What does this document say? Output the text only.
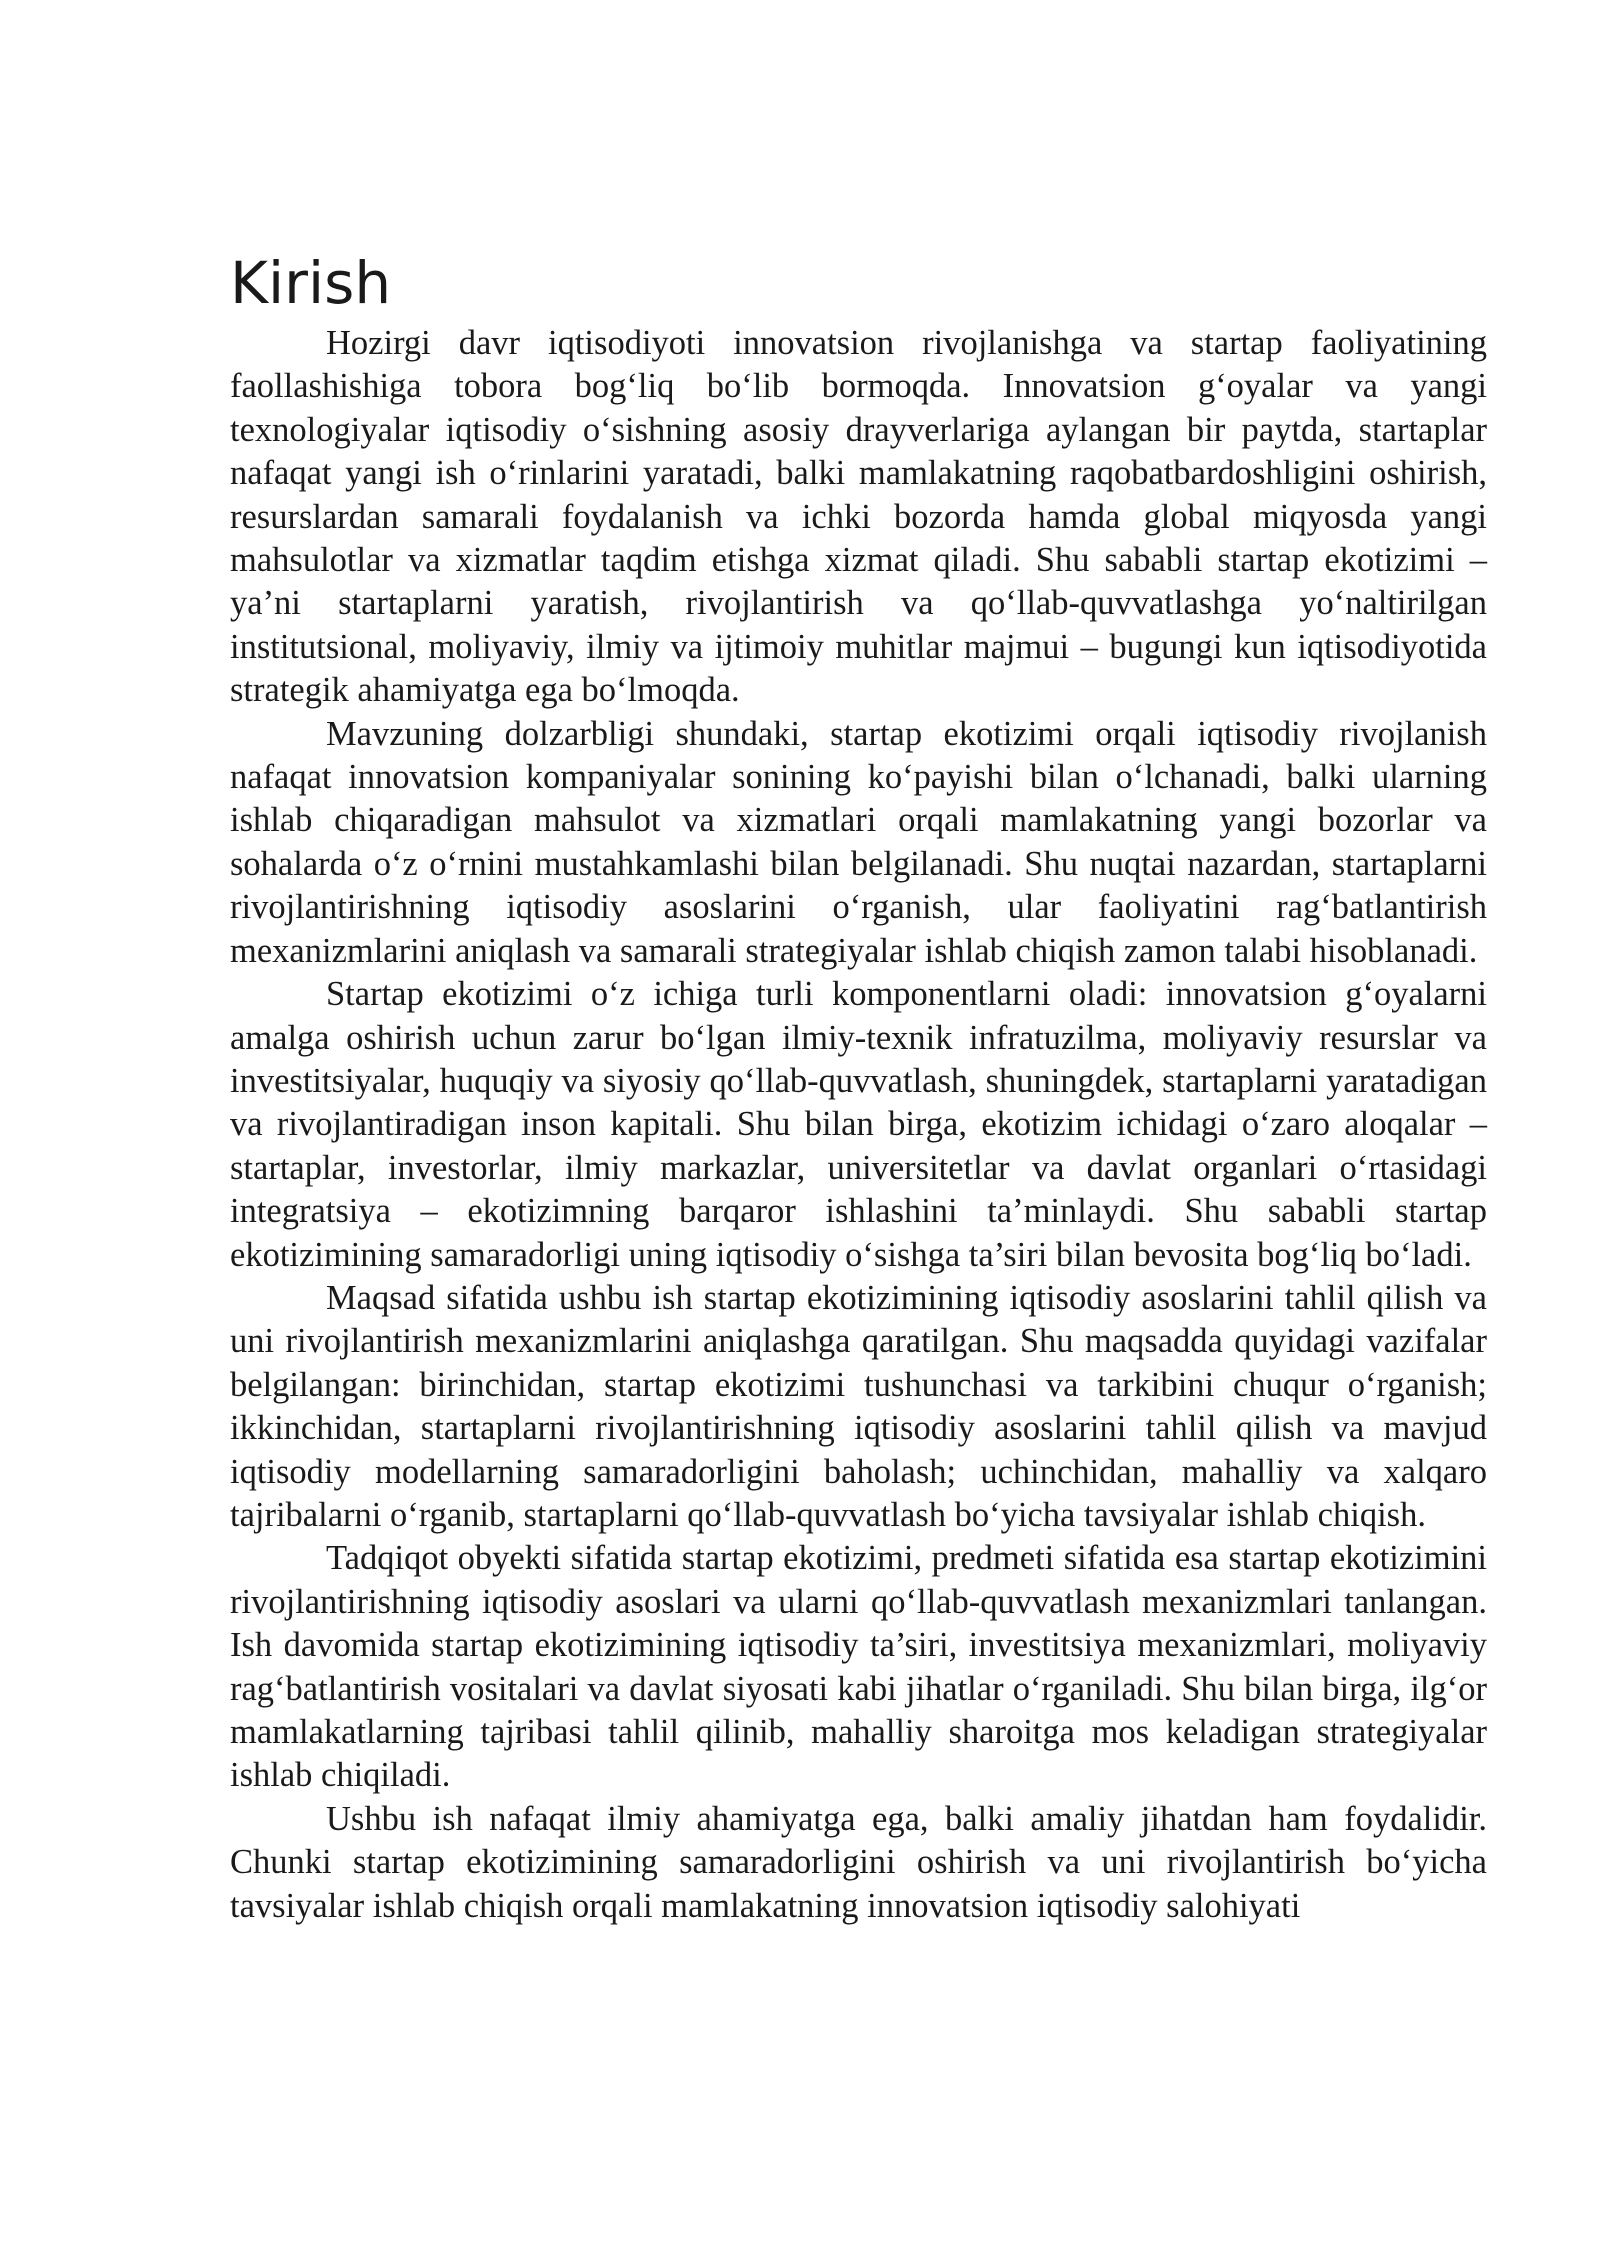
Kirish

Hozirgi davr iqtisodiyoti innovatsion rivojlanishga va startap faoliyatining faollashishiga tobora bog‘liq bo‘lib bormoqda. Innovatsion g‘oyalar va yangi texnologiyalar iqtisodiy o‘sishning asosiy drayverlariga aylangan bir paytda, startaplar nafaqat yangi ish o‘rinlarini yaratadi, balki mamlakatning raqobatbardoshligini oshirish, resurslardan samarali foydalanish va ichki bozorda hamda global miqyosda yangi mahsulotlar va xizmatlar taqdim etishga xizmat qiladi. Shu sababli startap ekotizimi – ya’ni startaplarni yaratish, rivojlantirish va qo‘llab-quvvatlashga yo‘naltirilgan institutsional, moliyaviy, ilmiy va ijtimoiy muhitlar majmui – bugungi kun iqtisodiyotida strategik ahamiyatga ega bo‘lmoqda.

Mavzuning dolzarbligi shundaki, startap ekotizimi orqali iqtisodiy rivojlanish nafaqat innovatsion kompaniyalar sonining ko‘payishi bilan o‘lchanadi, balki ularning ishlab chiqaradigan mahsulot va xizmatlari orqali mamlakatning yangi bozorlar va sohalarda o‘z o‘rnini mustahkamlashi bilan belgilanadi. Shu nuqtai nazardan, startaplarni rivojlantirishning iqtisodiy asoslarini o‘rganish, ular faoliyatini rag‘batlantirish mexanizmlarini aniqlash va samarali strategiyalar ishlab chiqish zamon talabi hisoblanadi.

Startap ekotizimi o‘z ichiga turli komponentlarni oladi: innovatsion g‘oyalarni amalga oshirish uchun zarur bo‘lgan ilmiy-texnik infratuzilma, moliyaviy resurslar va investitsiyalar, huquqiy va siyosiy qo‘llab-quvvatlash, shuningdek, startaplarni yaratadigan va rivojlantiradigan inson kapitali. Shu bilan birga, ekotizim ichidagi o‘zaro aloqalar – startaplar, investorlar, ilmiy markazlar, universitetlar va davlat organlari o‘rtasidagi integratsiya – ekotizimning barqaror ishlashini ta’minlaydi. Shu sababli startap ekotizimining samaradorligi uning iqtisodiy o‘sishga ta’siri bilan bevosita bog‘liq bo‘ladi.

Maqsad sifatida ushbu ish startap ekotizimining iqtisodiy asoslarini tahlil qilish va uni rivojlantirish mexanizmlarini aniqlashga qaratilgan. Shu maqsadda quyidagi vazifalar belgilangan: birinchidan, startap ekotizimi tushunchasi va tarkibini chuqur o‘rganish; ikkinchidan, startaplarni rivojlantirishning iqtisodiy asoslarini tahlil qilish va mavjud iqtisodiy modellarning samaradorligini baholash; uchinchidan, mahalliy va xalqaro tajribalarni o‘rganib, startaplarni qo‘llab-quvvatlash bo‘yicha tavsiyalar ishlab chiqish.

Tadqiqot obyekti sifatida startap ekotizimi, predmeti sifatida esa startap ekotizimini rivojlantirishning iqtisodiy asoslari va ularni qo‘llab-quvvatlash mexanizmlari tanlangan. Ish davomida startap ekotizimining iqtisodiy ta’siri, investitsiya mexanizmlari, moliyaviy rag‘batlantirish vositalari va davlat siyosati kabi jihatlar o‘rganiladi. Shu bilan birga, ilg‘or mamlakatlarning tajribasi tahlil qilinib, mahalliy sharoitga mos keladigan strategiyalar ishlab chiqiladi.

Ushbu ish nafaqat ilmiy ahamiyatga ega, balki amaliy jihatdan ham foydalidir. Chunki startap ekotizimining samaradorligini oshirish va uni rivojlantirish bo‘yicha tavsiyalar ishlab chiqish orqali mamlakatning innovatsion iqtisodiy salohiyati
